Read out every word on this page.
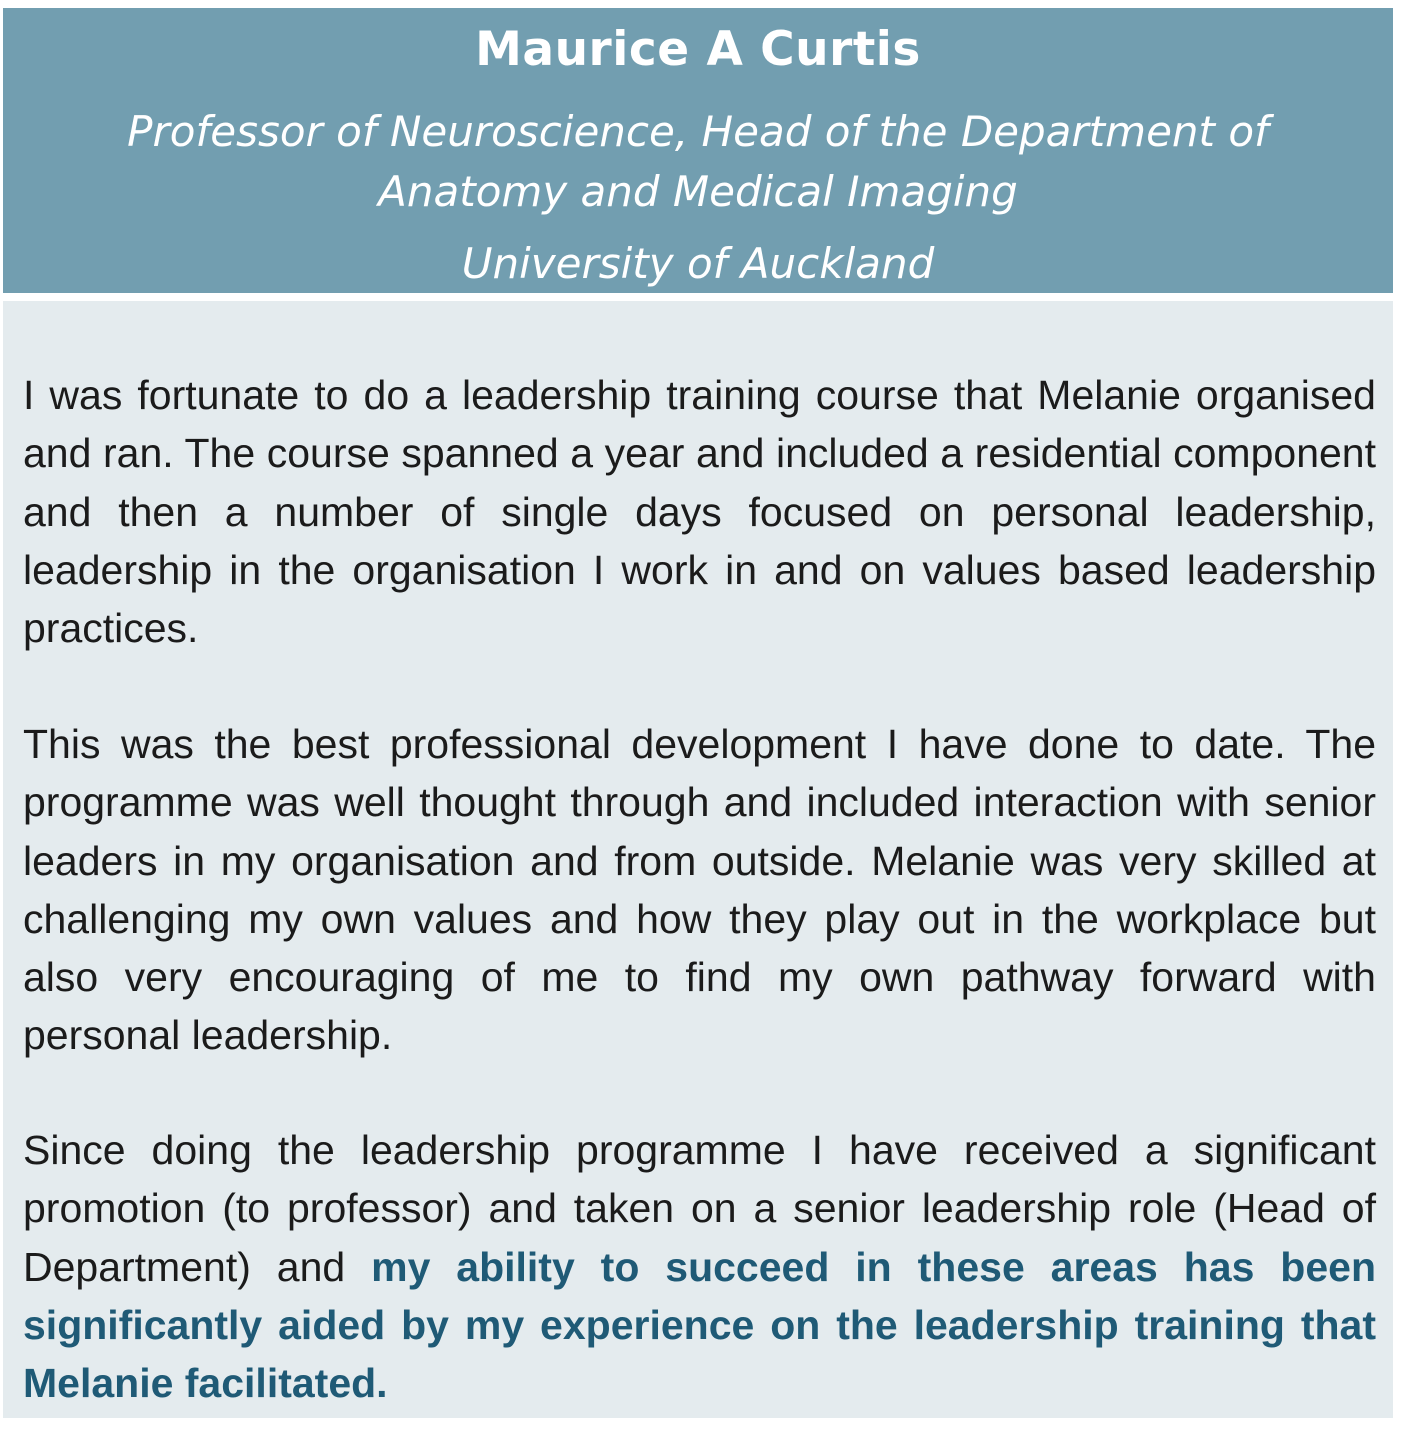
Maurice A Curtis
Professor of Neuroscience, Head of the Department of
Anatomy and Medical Imaging
University of Auckland

I was fortunate to do a leadership training course that Melanie organised and ran. The course spanned a year and included a residential component and then a number of single days focused on personal leadership, leadership in the organisation I work in and on values based leadership practices.

This was the best professional development I have done to date. The programme was well thought through and included interaction with senior leaders in my organisation and from outside. Melanie was very skilled at challenging my own values and how they play out in the workplace but also very encouraging of me to find my own pathway forward with personal leadership.

Since doing the leadership programme I have received a significant promotion (to professor) and taken on a senior leadership role (Head of Department) and my ability to succeed in these areas has been significantly aided by my experience on the leadership training that Melanie facilitated.
